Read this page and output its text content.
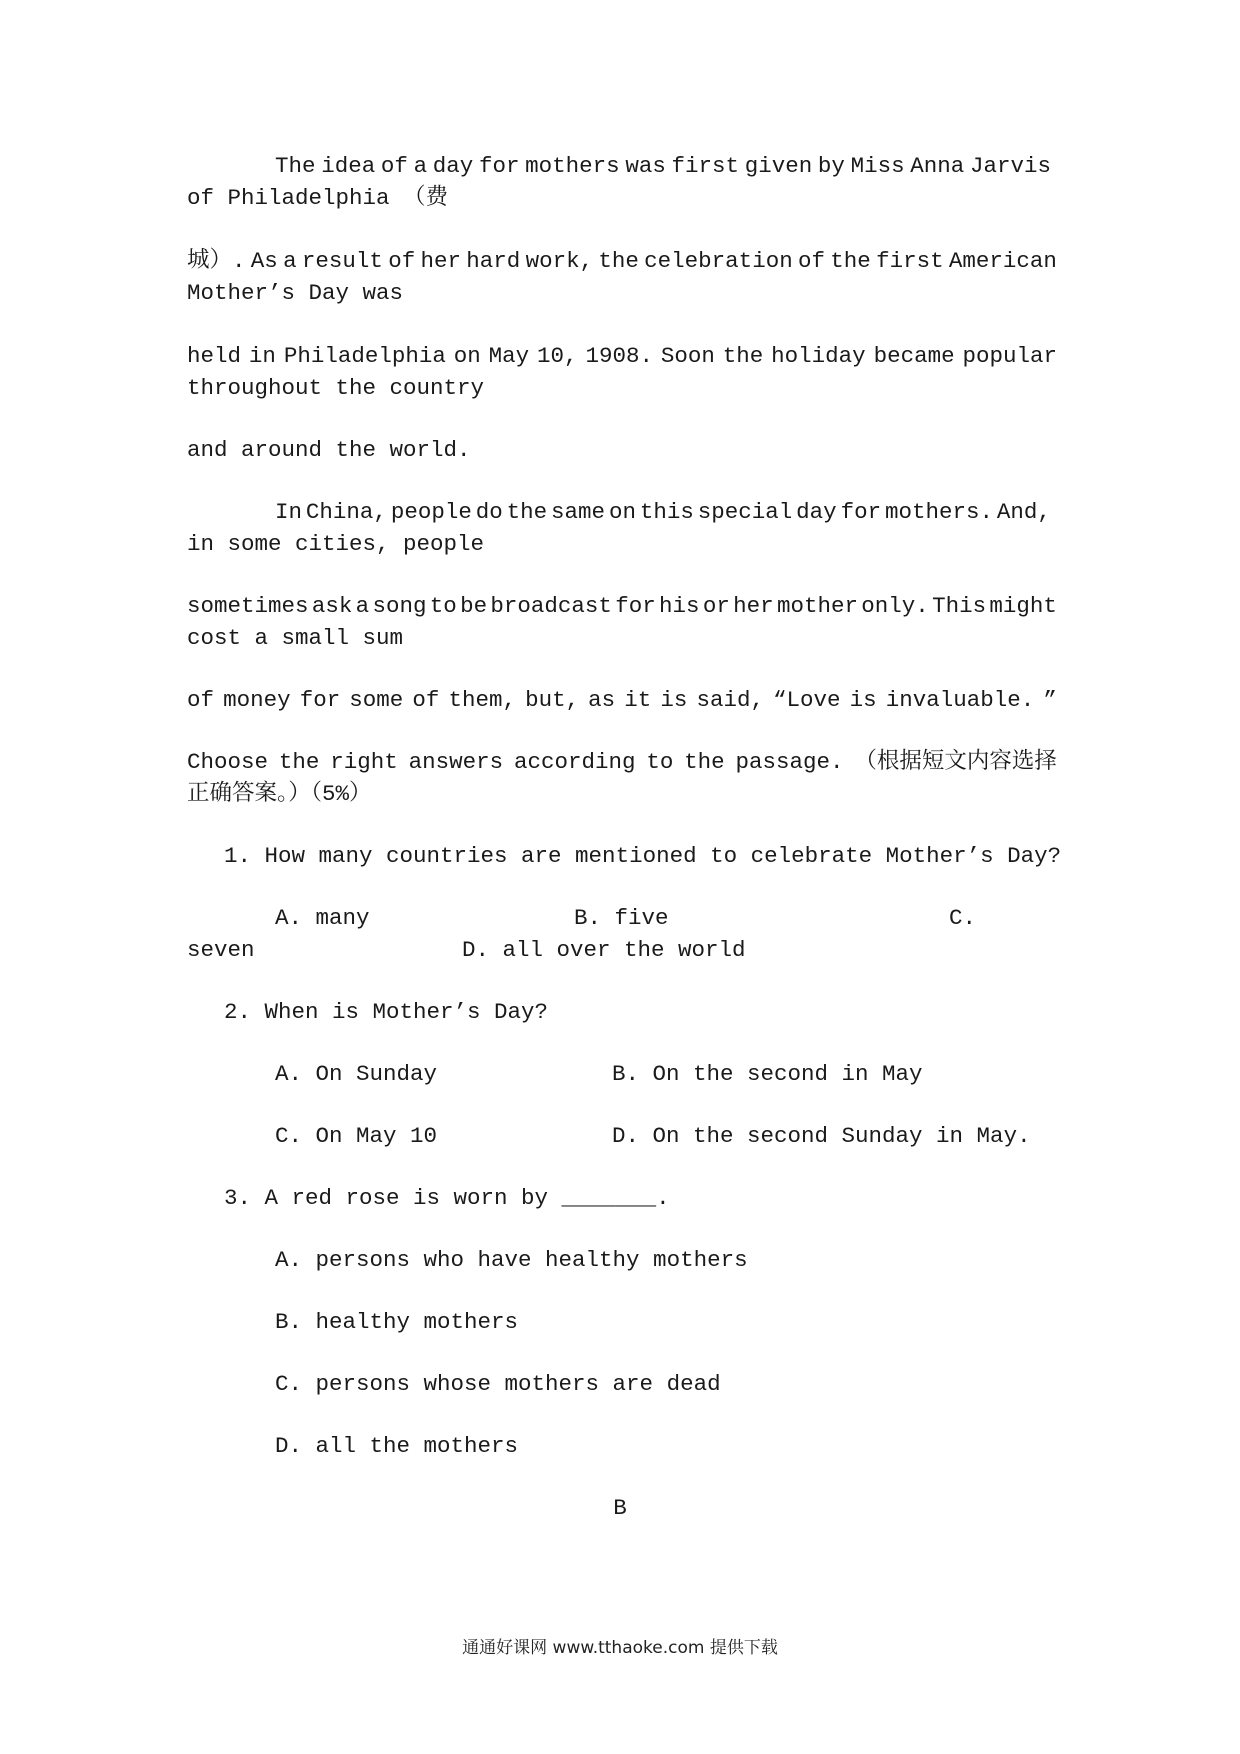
The idea of a day for mothers was first given by Miss Anna Jarvis
of Philadelphia （费
城）. As a result of her hard work, the celebration of the first American
Mother’s Day was
held in Philadelphia on May 10, 1908. Soon the holiday became popular
throughout the country
and around the world.
In China, people do the same on this special day for mothers. And,
in some cities, people
sometimes ask a song to be broadcast for his or her mother only. This might
cost a small sum
of money for some of them, but, as it is said, “Love is invaluable. ”
Choose the right answers according to the passage. （根据短文内容选择
正确答案。）（5%）
1. How many countries are mentioned to celebrate Mother’s Day?
A. many	B. five	C.
seven	D. all over the world
2. When is Mother’s Day?
A. On Sunday	B. On the second in May
C. On May 10	D. On the second Sunday in May.
3. A red rose is worn by _______.
A. persons who have healthy mothers
B. healthy mothers
C. persons whose mothers are dead
D. all the mothers
B
通通好课网 www.tthaoke.com 提供下载
